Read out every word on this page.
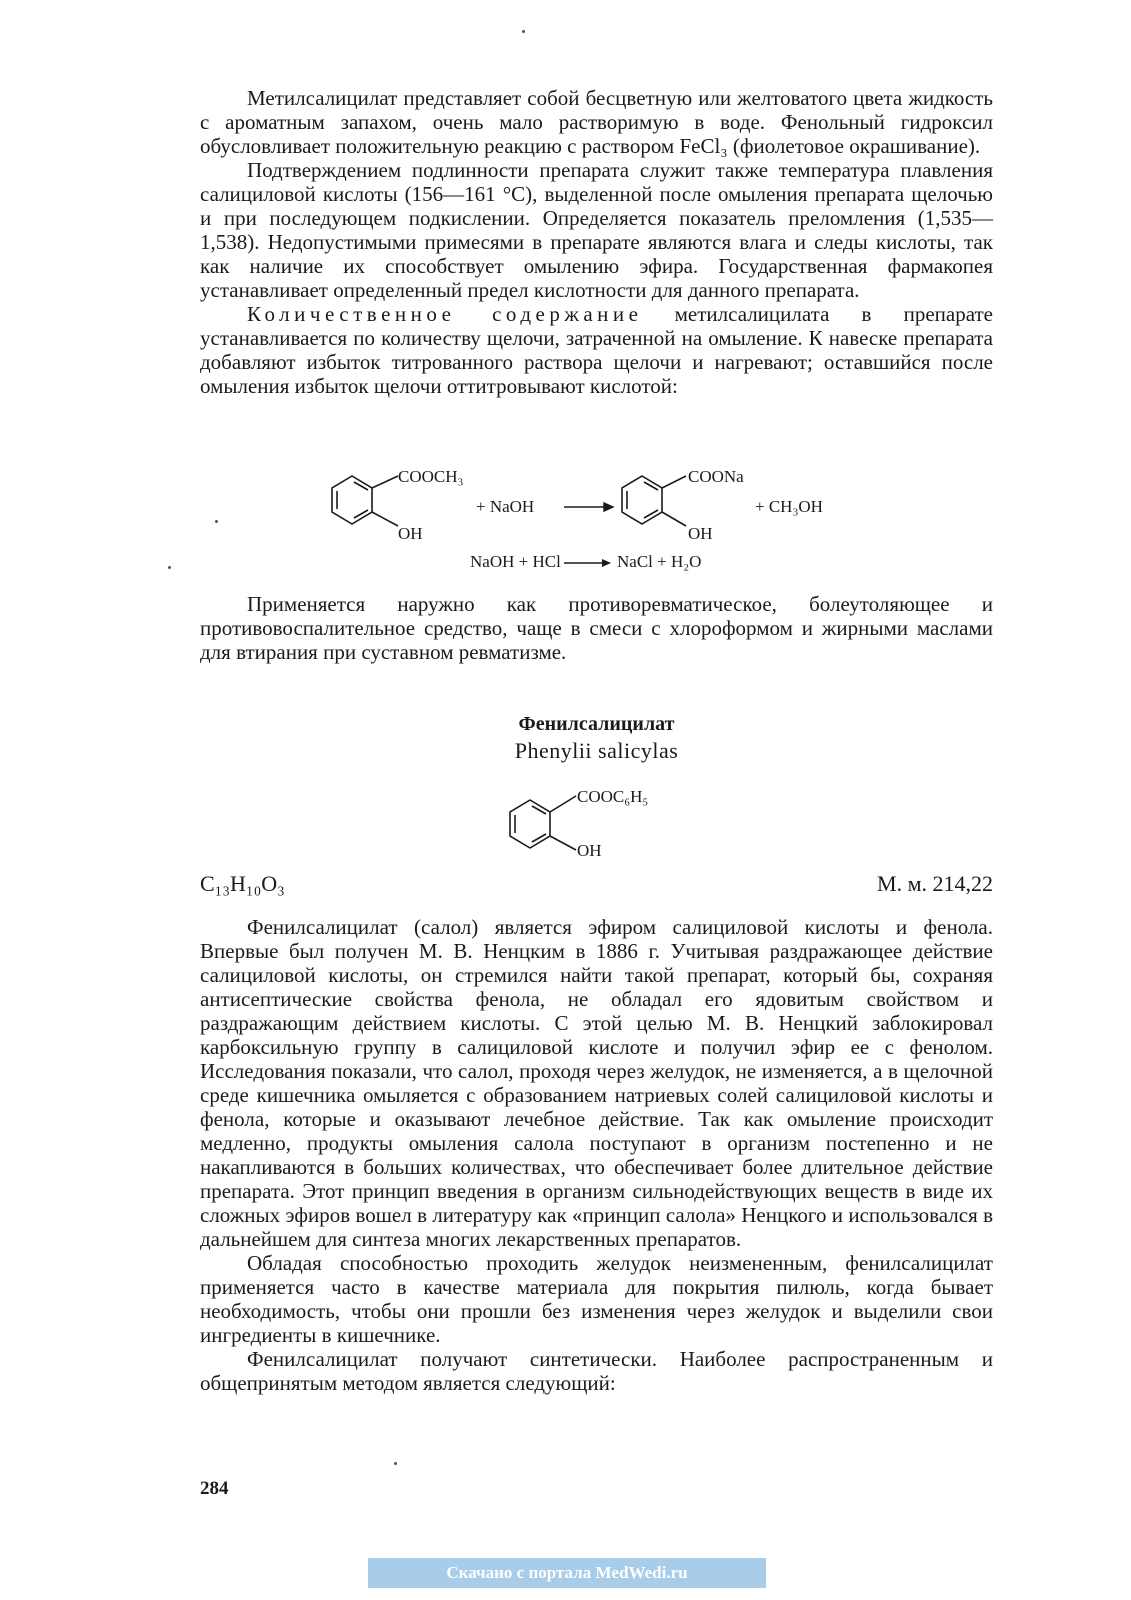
Метилсалицилат представляет собой бесцветную или желтоватого цвета жидкость с ароматным запахом, очень мало растворимую в воде. Фенольный гидроксил обусловливает положительную реакцию с раствором FeCl₃ (фиолетовое окрашивание).

Подтверждением подлинности препарата служит также температура плавления салициловой кислоты (156—161 °С), выделенной после омыления препарата щелочью и при последующем подкислении. Определяется показатель преломления (1,535—1,538). Недопустимыми примесями в препарате являются влага и следы кислоты, так как наличие их способствует омылению эфира. Государственная фармакопея устанавливает определенный предел кислотности для данного препарата.

Количественное содержание метилсалицилата в препарате устанавливается по количеству щелочи, затраченной на омыление. К навеске препарата добавляют избыток титрованного раствора щелочи и нагревают; оставшийся после омыления избыток щелочи оттитровывают кислотой:

COOCH₃
OH
+ NaOH
COONa
OH
+ CH₃OH
NaOH + HCl	NaCl + H₂O

Применяется наружно как противоревматическое, болеутоляющее и противовоспалительное средство, чаще в смеси с хлороформом и жирными маслами для втирания при суставном ревматизме.

Фенилсалицилат
Phenylii salicylas
COOC₆H₅
OH
C₁₃H₁₀O₃	М. м. 214,22

Фенилсалицилат (салол) является эфиром салициловой кислоты и фенола. Впервые был получен М. В. Ненцким в 1886 г. Учитывая раздражающее действие салициловой кислоты, он стремился найти такой препарат, который бы, сохраняя антисептические свойства фенола, не обладал его ядовитым свойством и раздражающим действием кислоты. С этой целью М. В. Ненцкий заблокировал карбоксильную группу в салициловой кислоте и получил эфир ее с фенолом. Исследования показали, что салол, проходя через желудок, не изменяется, а в щелочной среде кишечника омыляется с образованием натриевых солей салициловой кислоты и фенола, которые и оказывают лечебное действие. Так как омыление происходит медленно, продукты омыления салола поступают в организм постепенно и не накапливаются в больших количествах, что обеспечивает более длительное действие препарата. Этот принцип введения в организм сильнодействующих веществ в виде их сложных эфиров вошел в литературу как «принцип салола» Ненцкого и использовался в дальнейшем для синтеза многих лекарственных препаратов.

Обладая способностью проходить желудок неизмененным, фенилсалицилат применяется часто в качестве материала для покрытия пилюль, когда бывает необходимость, чтобы они прошли без изменения через желудок и выделили свои ингредиенты в кишечнике.

Фенилсалицилат получают синтетически. Наиболее распространенным и общепринятым методом является следующий:

284
Скачано с портала MedWedi.ru
